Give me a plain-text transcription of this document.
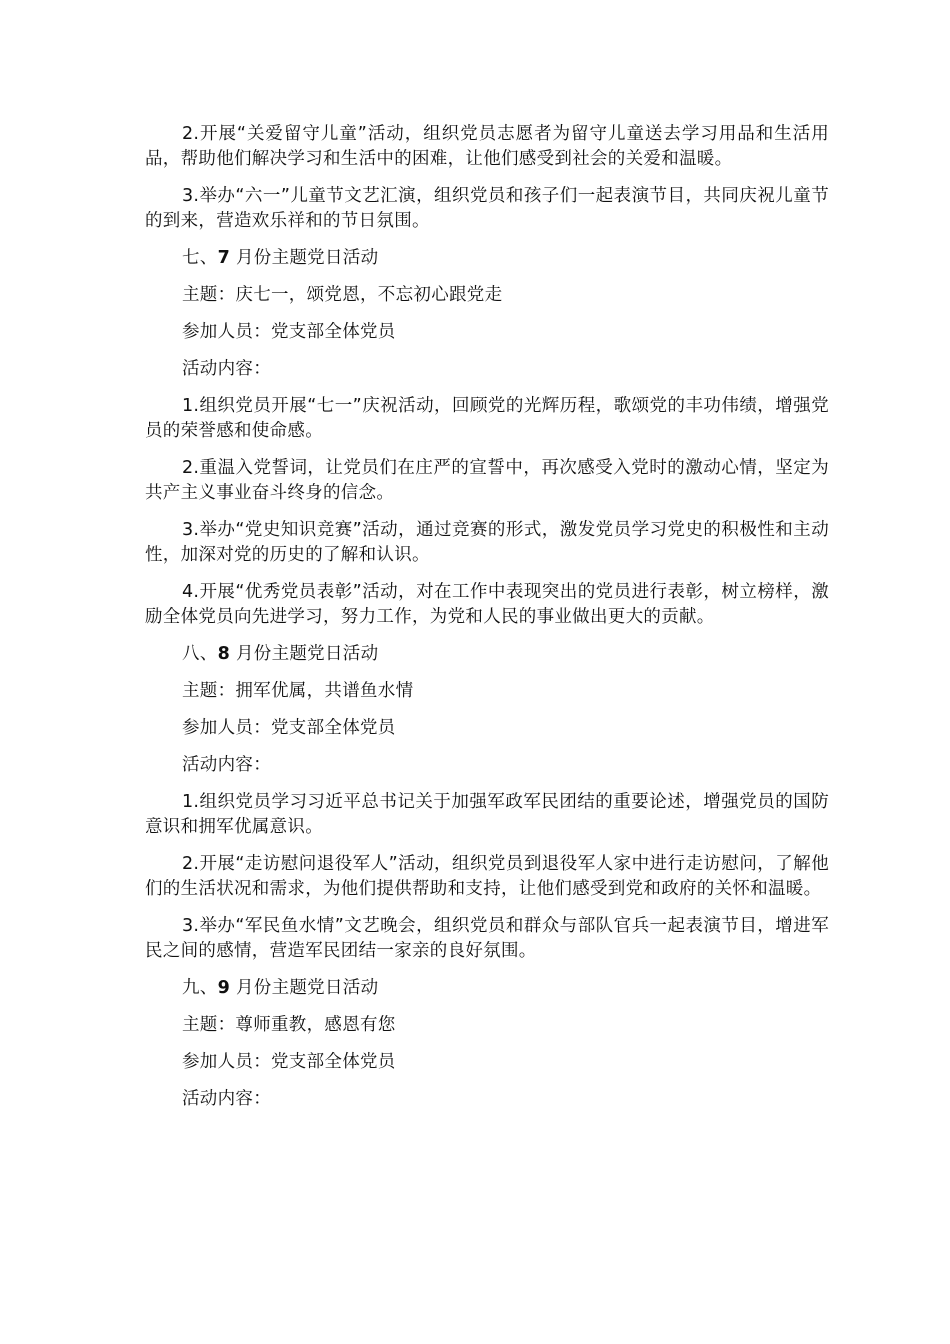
2.开展“关爱留守儿童”活动，组织党员志愿者为留守儿童送去学习用品和生活用品，帮助他们解决学习和生活中的困难，让他们感受到社会的关爱和温暖。

3.举办“六一”儿童节文艺汇演，组织党员和孩子们一起表演节目，共同庆祝儿童节的到来，营造欢乐祥和的节日氛围。

七、7 月份主题党日活动

主题：庆七一，颂党恩，不忘初心跟党走

参加人员：党支部全体党员

活动内容：

1.组织党员开展“七一”庆祝活动，回顾党的光辉历程，歌颂党的丰功伟绩，增强党员的荣誉感和使命感。

2.重温入党誓词，让党员们在庄严的宣誓中，再次感受入党时的激动心情，坚定为共产主义事业奋斗终身的信念。

3.举办“党史知识竞赛”活动，通过竞赛的形式，激发党员学习党史的积极性和主动性，加深对党的历史的了解和认识。

4.开展“优秀党员表彰”活动，对在工作中表现突出的党员进行表彰，树立榜样，激励全体党员向先进学习，努力工作，为党和人民的事业做出更大的贡献。

八、8 月份主题党日活动

主题：拥军优属，共谱鱼水情

参加人员：党支部全体党员

活动内容：

1.组织党员学习习近平总书记关于加强军政军民团结的重要论述，增强党员的国防意识和拥军优属意识。

2.开展“走访慰问退役军人”活动，组织党员到退役军人家中进行走访慰问，了解他们的生活状况和需求，为他们提供帮助和支持，让他们感受到党和政府的关怀和温暖。

3.举办“军民鱼水情”文艺晚会，组织党员和群众与部队官兵一起表演节目，增进军民之间的感情，营造军民团结一家亲的良好氛围。

九、9 月份主题党日活动

主题：尊师重教，感恩有您

参加人员：党支部全体党员

活动内容：
